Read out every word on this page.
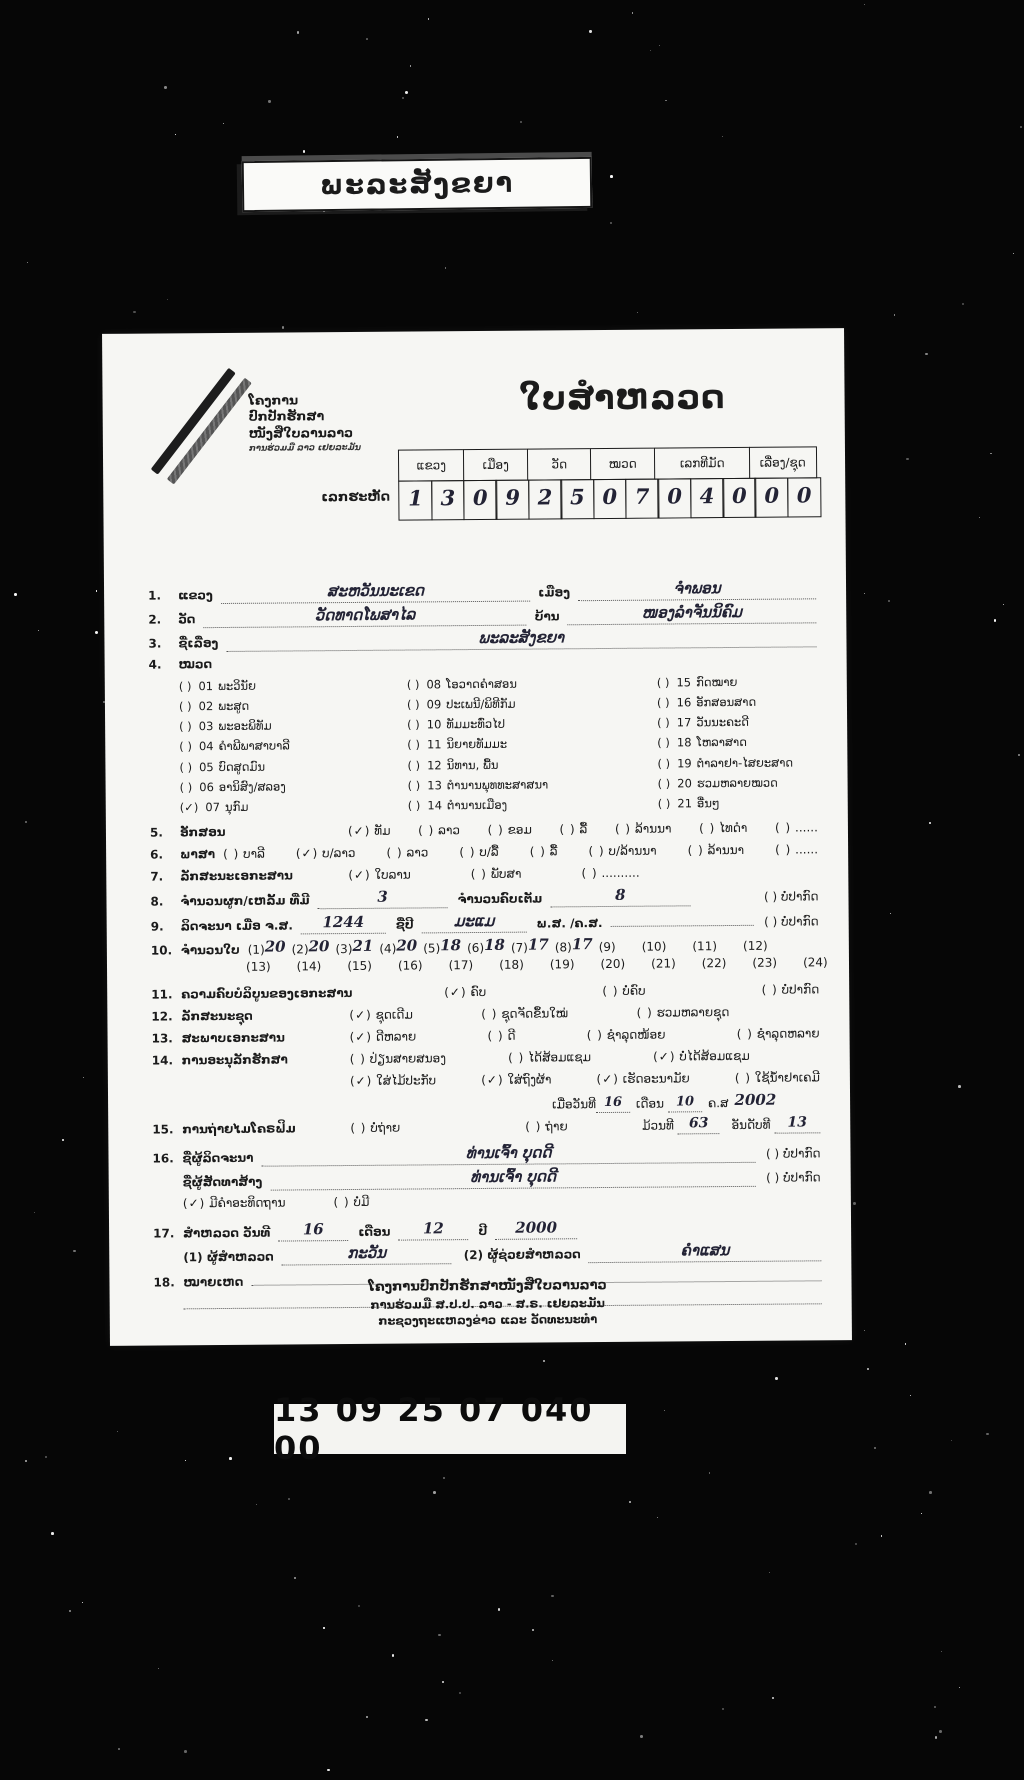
ພະລະສັງຂຍາ
ໂຄງການ
ປົກປັກຮັກສາ
ໜັງສືໃບລານລາວ
ການຮ່ວມມື ລາວ ເຢຍລະມັນ
ໃບສຳຫລວດ
ເລກຮະຫັດ
ແຂວງ	ເມືອງ	ວັດ	ໝວດ	ເລກທີມັດ	ເລື່ອງ/ຊຸດ
1 3 0 9 2 5 0 7 0 4 0 0 0
1.	ແຂວງ	ສະຫວັນນະເຂດ	ເມືອງ	ຈຳພອນ
2.	ວັດ	ວັດທາດໂພສາໄລ	ບ້ານ	ໜອງລຳຈັນນິຄົມ
3.	ຊື່ເລື່ອງ	ພະລະສັງຂຍາ
4.	ໝວດ
( ) 01 ພະວິນັຍ
( ) 02 ພະສູດ
( ) 03 ພະອະພິທັມ
( ) 04 ຄຳພີພາສາບາລີ
( ) 05 ບົດສູດມົນ
( ) 06 ອານິສົງ/ສລອງ
(✓) 07 ນຸກົມ
( ) 08 ໂອວາດຄຳສອນ
( ) 09 ປະເພນີ/ພິທີກັມ
( ) 10 ທັມມະທົ່ວໄປ
( ) 11 ນິຍາຍທັມມະ
( ) 12 ນິທານ, ພື້ນ
( ) 13 ຕຳນານພຸທທະສາສນາ
( ) 14 ຕຳນານເມືອງ
( ) 15 ກົດໝາຍ
( ) 16 ອັກສອນສາດ
( ) 17 ວັນນະຄະດີ
( ) 18 ໂຫລາສາດ
( ) 19 ຕຳລາຢາ-ໄສຍະສາດ
( ) 20 ຮວມຫລາຍໝວດ
( ) 21 ອື່ນໆ
5.	ອັກສອນ	(✓) ທັມ ( ) ລາວ ( ) ຂອມ ( ) ລື້ ( ) ລ້ານນາ ( ) ໄທດຳ ( ) ......
6.	ພາສາ ( ) ບາລີ	(✓) ບ/ລາວ	( ) ລາວ	( ) ບ/ລື້	( ) ລື້	( ) ບ/ລ້ານນາ	( ) ລ້ານນາ	( ) ......
7.	ລັກສະນະເອກະສານ	(✓) ໃບລານ	( ) ພັບສາ	( ) ..........
8.	ຈຳນວນຜູກ/ເຫລັ້ມ ທີ່ມີ	3	ຈຳນວນຄົບເຕັມ	8	( ) ບໍ່ປາກົດ
9.	ລິດຈະນາ ເມື່ອ ຈ.ສ.	1244	ຊື່ປີ	ມະແມ	ພ.ສ. /ຄ.ສ.	( ) ບໍ່ປາກົດ
10. ຈຳນວນໃບ (1)20 (2)20 (3)21 (4)20 (5)18 (6)18 (7)17 (8)17 (9)	(10)	(11)	(12)
(13)	(14)	(15)	(16)	(17)	(18)	(19)	(20)	(21)	(22)	(23)	(24)
11. ຄວາມຄົບບໍລິບູນຂອງເອກະສານ	(✓) ຄົບ	( ) ບໍ່ຄົບ	( ) ບໍ່ປາກົດ
12. ລັກສະນະຊຸດ	(✓) ຊຸດເດີມ	( ) ຊຸດຈັດຂຶ້ນໃໝ່	( ) ຮວມຫລາຍຊຸດ
13. ສະພາບເອກະສານ	(✓) ດີຫລາຍ	( ) ດີ	( ) ຊຳລຸດໜ້ອຍ	( ) ຊຳລຸດຫລາຍ
14. ການອະນຸລັກຮັກສາ	( ) ປ່ຽນສາຍສນອງ	( ) ໄດ້ສ້ອມແຊມ	(✓) ບໍ່ໄດ້ສ້ອມແຊມ
(✓) ໃສ່ໄມ້ປະກັບ	(✓) ໃສ່ຖົງຜ້າ	(✓) ເຮັດອະນາມັຍ	( ) ໃຊ້ນ້ຳຢາເຄມີ
ເມື່ອວັນທີ 16	ເດືອນ 10	ຄ.ສ 2002
15. ການຖ່າຍໄມໂຄຣຟິມ	( ) ບໍ່ຖ່າຍ	( ) ຖ່າຍ	ມ້ວນທີ 63 ອັນດັບທີ 13
16. ຊື່ຜູ້ລິດຈະນາ	ທ່ານເຈົ້າ ບຸດດີ	( ) ບໍ່ປາກົດ
ຊື່ຜູ້ສັດທາສ້າງ	ທ່ານເຈົ້າ ບຸດດີ	( ) ບໍ່ປາກົດ
(✓) ມີຄຳອະທິດຖານ	( ) ບໍ່ມີ
17. ສຳຫລວດ ວັນທີ	16	ເດືອນ	12	ປີ	2000
(1) ຜູ້ສຳຫລວດ	ກະວັນ	(2) ຜູ້ຊ່ວຍສຳຫລວດ	ຄຳແສນ
18. ໝາຍເຫດ	ໂຄງການປົກປັກຮັກສາໜັງສືໃບລານລາວ
ການຮ່ວມມື ສ.ປ.ປ. ລາວ - ສ.ຣ. ເຢຍລະມັນ
ກະຊວງຖະແຫລງຂ່າວ ແລະ ວັດທະນະທຳ
13 09 25 07 040 00
